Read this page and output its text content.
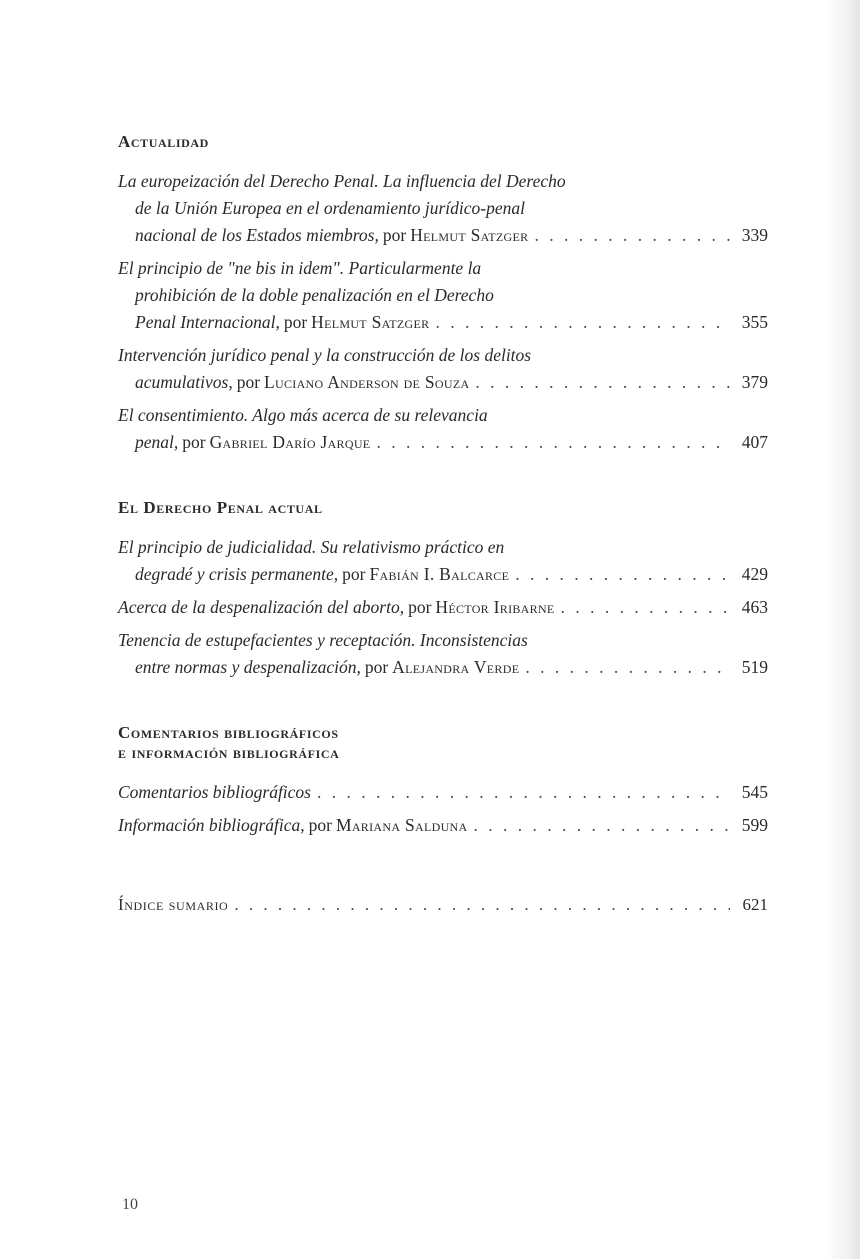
Actualidad
La europeización del Derecho Penal. La influencia del Derecho
de la Unión Europea en el ordenamiento jurídico-penal
nacional de los Estados miembros, por Helmut Satzger . . .	339
El principio de "ne bis in idem". Particularmente la
prohibición de la doble penalización en el Derecho
Penal Internacional, por Helmut Satzger . . .	355
Intervención jurídico penal y la construcción de los delitos
acumulativos, por Luciano Anderson de Souza . . .	379
El consentimiento. Algo más acerca de su relevancia
penal, por Gabriel Darío Jarque . . .	407
El Derecho Penal actual
El principio de judicialidad. Su relativismo práctico en
degradé y crisis permanente, por Fabián I. Balcarce . . .	429
Acerca de la despenalización del aborto, por Héctor Iribarne . . .	463
Tenencia de estupefacientes y receptación. Inconsistencias
entre normas y despenalización, por Alejandra Verde . . .	519
Comentarios bibliográficos
e información bibliográfica
Comentarios bibliográficos . . .	545
Información bibliográfica, por Mariana Salduna . . .	599
Índice sumario . . .	621
10
